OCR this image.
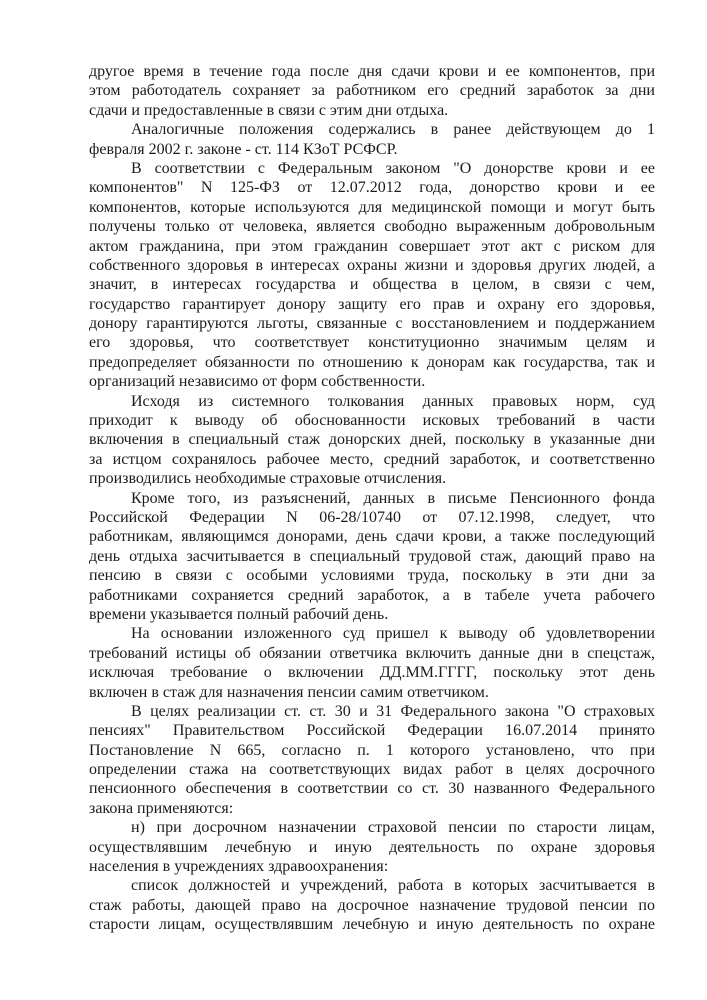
другое время в течение года после дня сдачи крови и ее компонентов, при
этом работодатель сохраняет за работником его средний заработок за дни
сдачи и предоставленные в связи с этим дни отдыха.
Аналогичные положения содержались в ранее действующем до 1
февраля 2002 г. законе - ст. 114 КЗоТ РСФСР.
В соответствии с Федеральным законом "О донорстве крови и ее
компонентов" N 125-ФЗ от 12.07.2012 года, донорство крови и ее
компонентов, которые используются для медицинской помощи и могут быть
получены только от человека, является свободно выраженным добровольным
актом гражданина, при этом гражданин совершает этот акт с риском для
собственного здоровья в интересах охраны жизни и здоровья других людей, а
значит, в интересах государства и общества в целом, в связи с чем,
государство гарантирует донору защиту его прав и охрану его здоровья,
донору гарантируются льготы, связанные с восстановлением и поддержанием
его здоровья, что соответствует конституционно значимым целям и
предопределяет обязанности по отношению к донорам как государства, так и
организаций независимо от форм собственности.
Исходя из системного толкования данных правовых норм, суд
приходит к выводу об обоснованности исковых требований в части
включения в специальный стаж донорских дней, поскольку в указанные дни
за истцом сохранялось рабочее место, средний заработок, и соответственно
производились необходимые страховые отчисления.
Кроме того, из разъяснений, данных в письме Пенсионного фонда
Российской Федерации N 06-28/10740 от 07.12.1998, следует, что
работникам, являющимся донорами, день сдачи крови, а также последующий
день отдыха засчитывается в специальный трудовой стаж, дающий право на
пенсию в связи с особыми условиями труда, поскольку в эти дни за
работниками сохраняется средний заработок, а в табеле учета рабочего
времени указывается полный рабочий день.
На основании изложенного суд пришел к выводу об удовлетворении
требований истицы об обязании ответчика включить данные дни в спецстаж,
исключая требование о включении ДД.ММ.ГГГГ, поскольку этот день
включен в стаж для назначения пенсии самим ответчиком.
В целях реализации ст. ст. 30 и 31 Федерального закона "О страховых
пенсиях" Правительством Российской Федерации 16.07.2014 принято
Постановление N 665, согласно п. 1 которого установлено, что при
определении стажа на соответствующих видах работ в целях досрочного
пенсионного обеспечения в соответствии со ст. 30 названного Федерального
закона применяются:
н) при досрочном назначении страховой пенсии по старости лицам,
осуществлявшим лечебную и иную деятельность по охране здоровья
населения в учреждениях здравоохранения:
список должностей и учреждений, работа в которых засчитывается в
стаж работы, дающей право на досрочное назначение трудовой пенсии по
старости лицам, осуществлявшим лечебную и иную деятельность по охране
